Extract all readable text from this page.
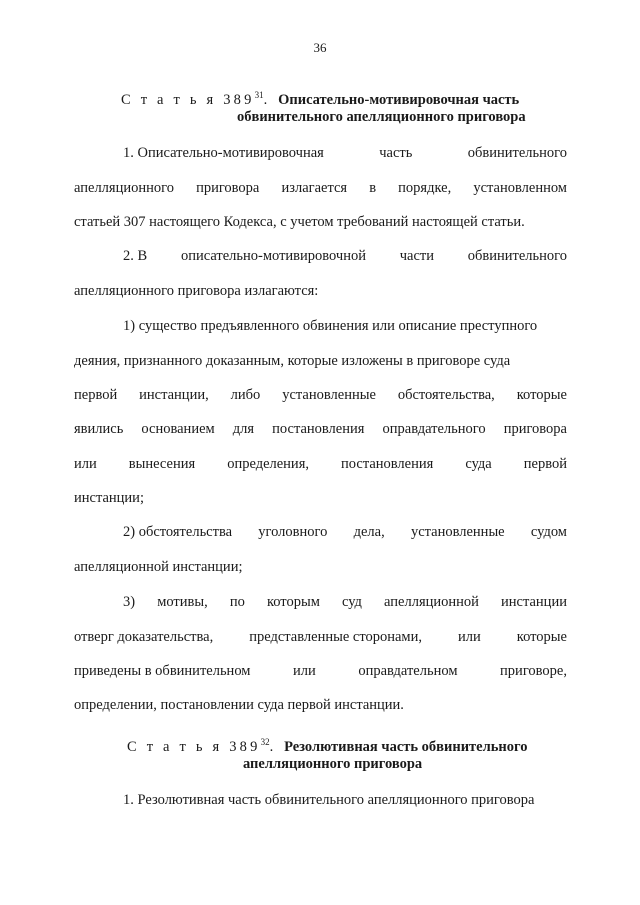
36
С т а т ь я $389^{31}$. Описательно-мотивировочная часть
обвинительного апелляционного приговора
1. Описательно-мотивировочная	часть	обвинительного
апелляционного приговора излагается в порядке, установленном
статьей 307 настоящего Кодекса, с учетом требований настоящей статьи.
2. В описательно-мотивировочной части обвинительного
апелляционного приговора излагаются:
1) существо предъявленного обвинения или описание преступного
деяния, признанного доказанным, которые изложены в приговоре суда
первой инстанции, либо установленные обстоятельства, которые
явились основанием для постановления оправдательного приговора
или вынесения определения, постановления суда первой
инстанции;
2) обстоятельства уголовного дела, установленные судом
апелляционной инстанции;
3) мотивы, по которым суд апелляционной инстанции
отверг доказательства, представленные сторонами, или которые
приведены в обвинительном	или	оправдательном	приговоре,
определении, постановлении суда первой инстанции.
С т а т ь я $389^{32}$. Резолютивная часть обвинительного
апелляционного приговора
1. Резолютивная часть обвинительного апелляционного приговора
